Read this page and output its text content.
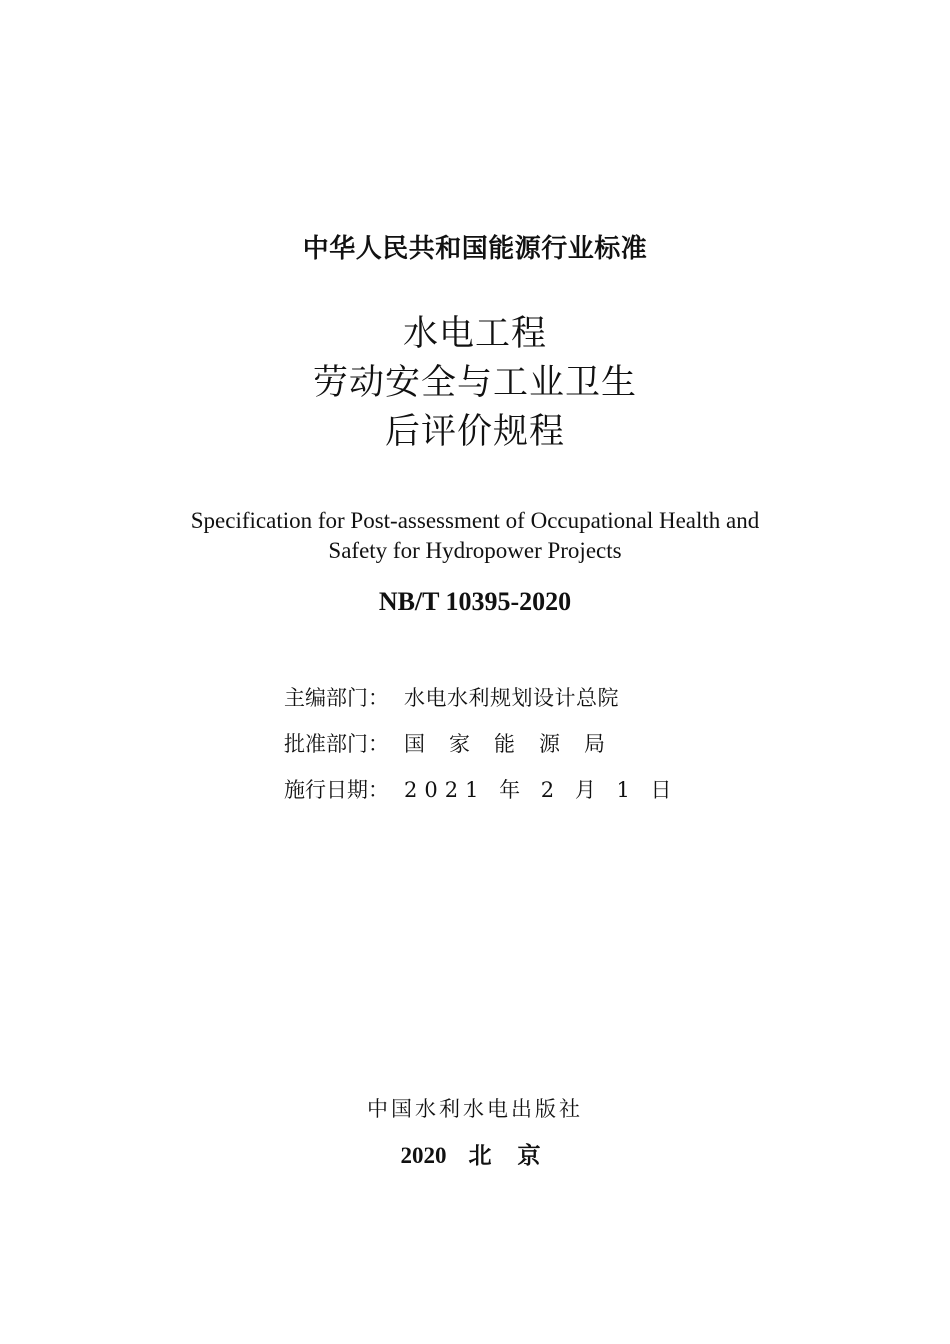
中华人民共和国能源行业标准
水电工程
劳动安全与工业卫生
后评价规程
Specification for Post-assessment of Occupational Health and
Safety for Hydropower Projects
NB/T 10395-2020
主编部门： 水电水利规划设计总院
批准部门： 国家能源局
施行日期： 2021 年 2 月 1 日
中国水利水电出版社
2020 北 京
